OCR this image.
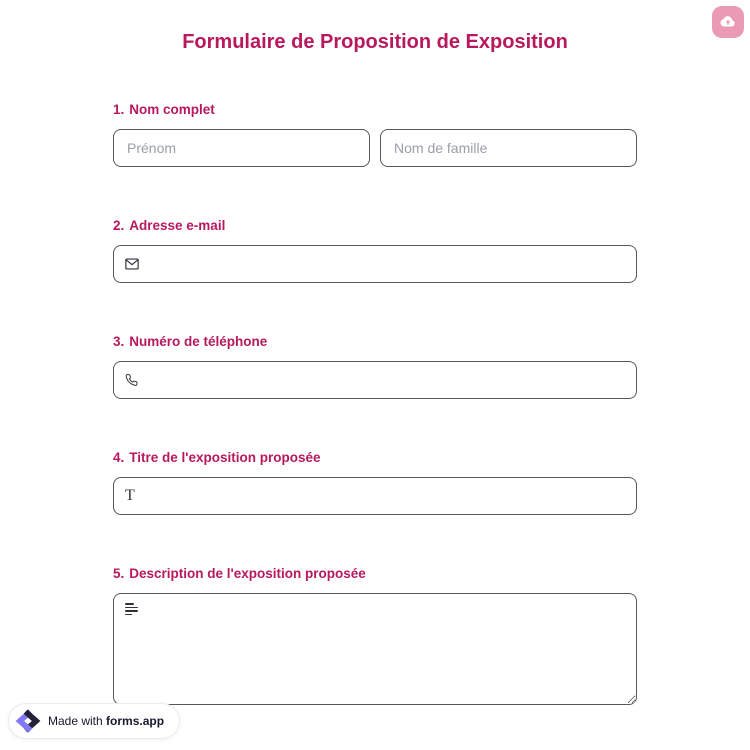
Formulaire de Proposition de Exposition
1. Nom complet
Prénom
Nom de famille
2. Adresse e-mail
3. Numéro de téléphone
4. Titre de l'exposition proposée
T
5. Description de l'exposition proposée
Made with forms.app
